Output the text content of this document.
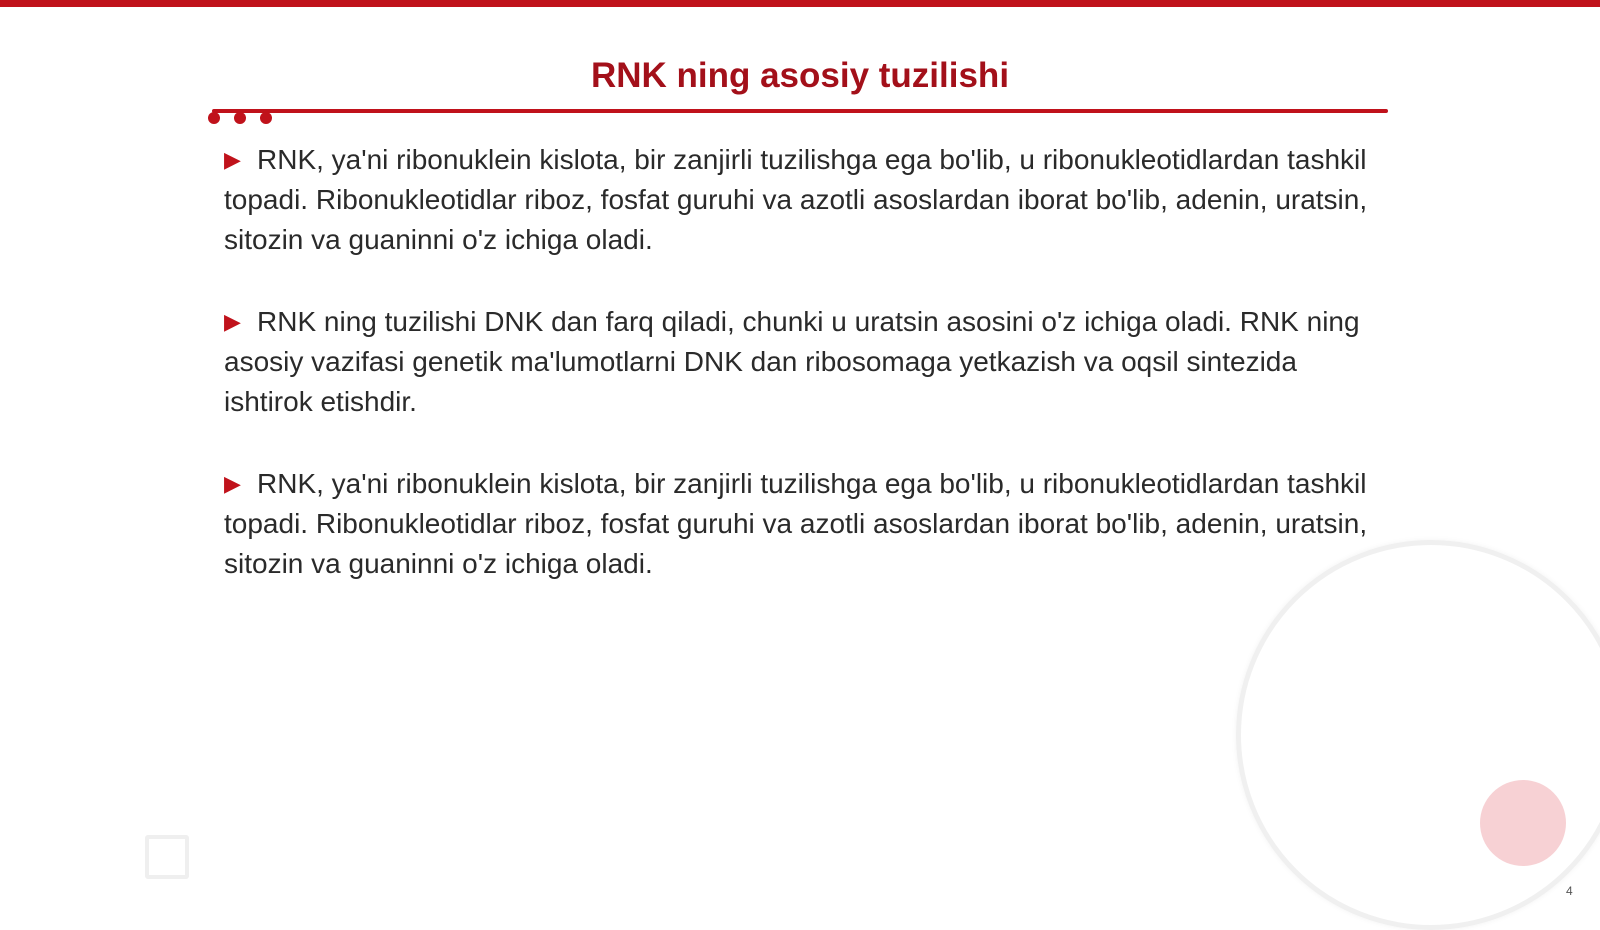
RNK ning asosiy tuzilishi

▶ RNK, ya'ni ribonuklein kislota, bir zanjirli tuzilishga ega bo'lib, u ribonukleotidlardan tashkil topadi. Ribonukleotidlar riboz, fosfat guruhi va azotli asoslardan iborat bo'lib, adenin, uratsin, sitozin va guaninni o'z ichiga oladi.

▶ RNK ning tuzilishi DNK dan farq qiladi, chunki u uratsin asosini o'z ichiga oladi. RNK ning asosiy vazifasi genetik ma'lumotlarni DNK dan ribosomaga yetkazish va oqsil sintezida ishtirok etishdir.

▶ RNK, ya'ni ribonuklein kislota, bir zanjirli tuzilishga ega bo'lib, u ribonukleotidlardan tashkil topadi. Ribonukleotidlar riboz, fosfat guruhi va azotli asoslardan iborat bo'lib, adenin, uratsin, sitozin va guaninni o'z ichiga oladi.

4
